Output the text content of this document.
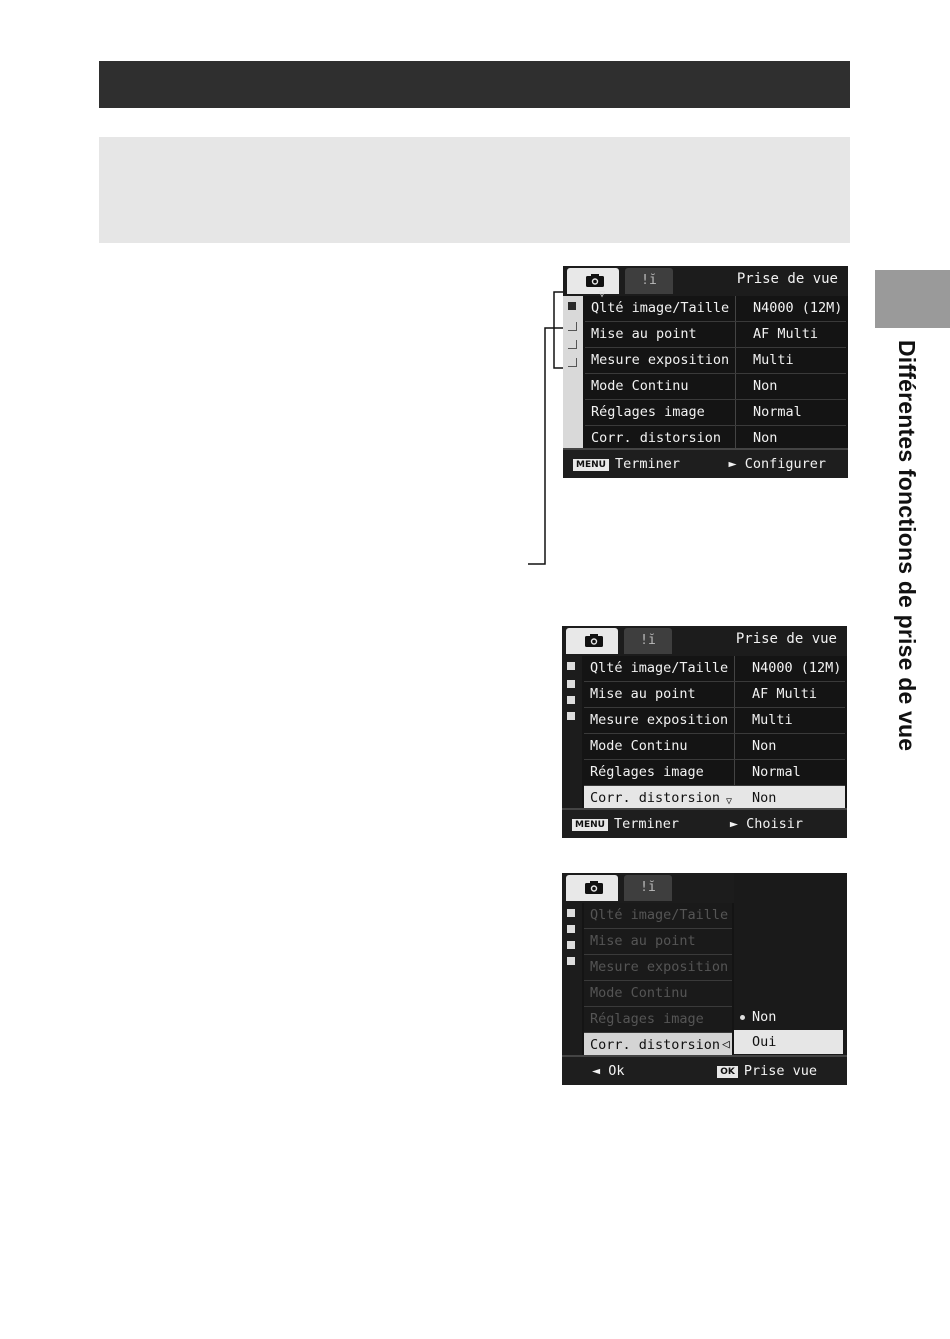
Différentes fonctions de prise de vue
ǃĭ
▽
Prise de vue
Qlté image/Taille N4000 (12M)
Mise au point	AF Multi
Mesure exposition Multi
Mode Continu	Non
Réglages image	Normal
Corr. distorsion Non
MENU Terminer	► Configurer
ǃĭ	Prise de vue
Qlté image/Taille N4000 (12M)
Mise au point	AF Multi
Mesure exposition Multi
Mode Continu	Non
Réglages image	Normal
Corr. distorsion ▽ Non
MENU Terminer	► Choisir
ǃĭ
Qlté image/Taille
Mise au point
Mesure exposition
Mode Continu
Réglages image
Corr. distorsion ◁
Non
Oui
◄ Ok	OK Prise vue
